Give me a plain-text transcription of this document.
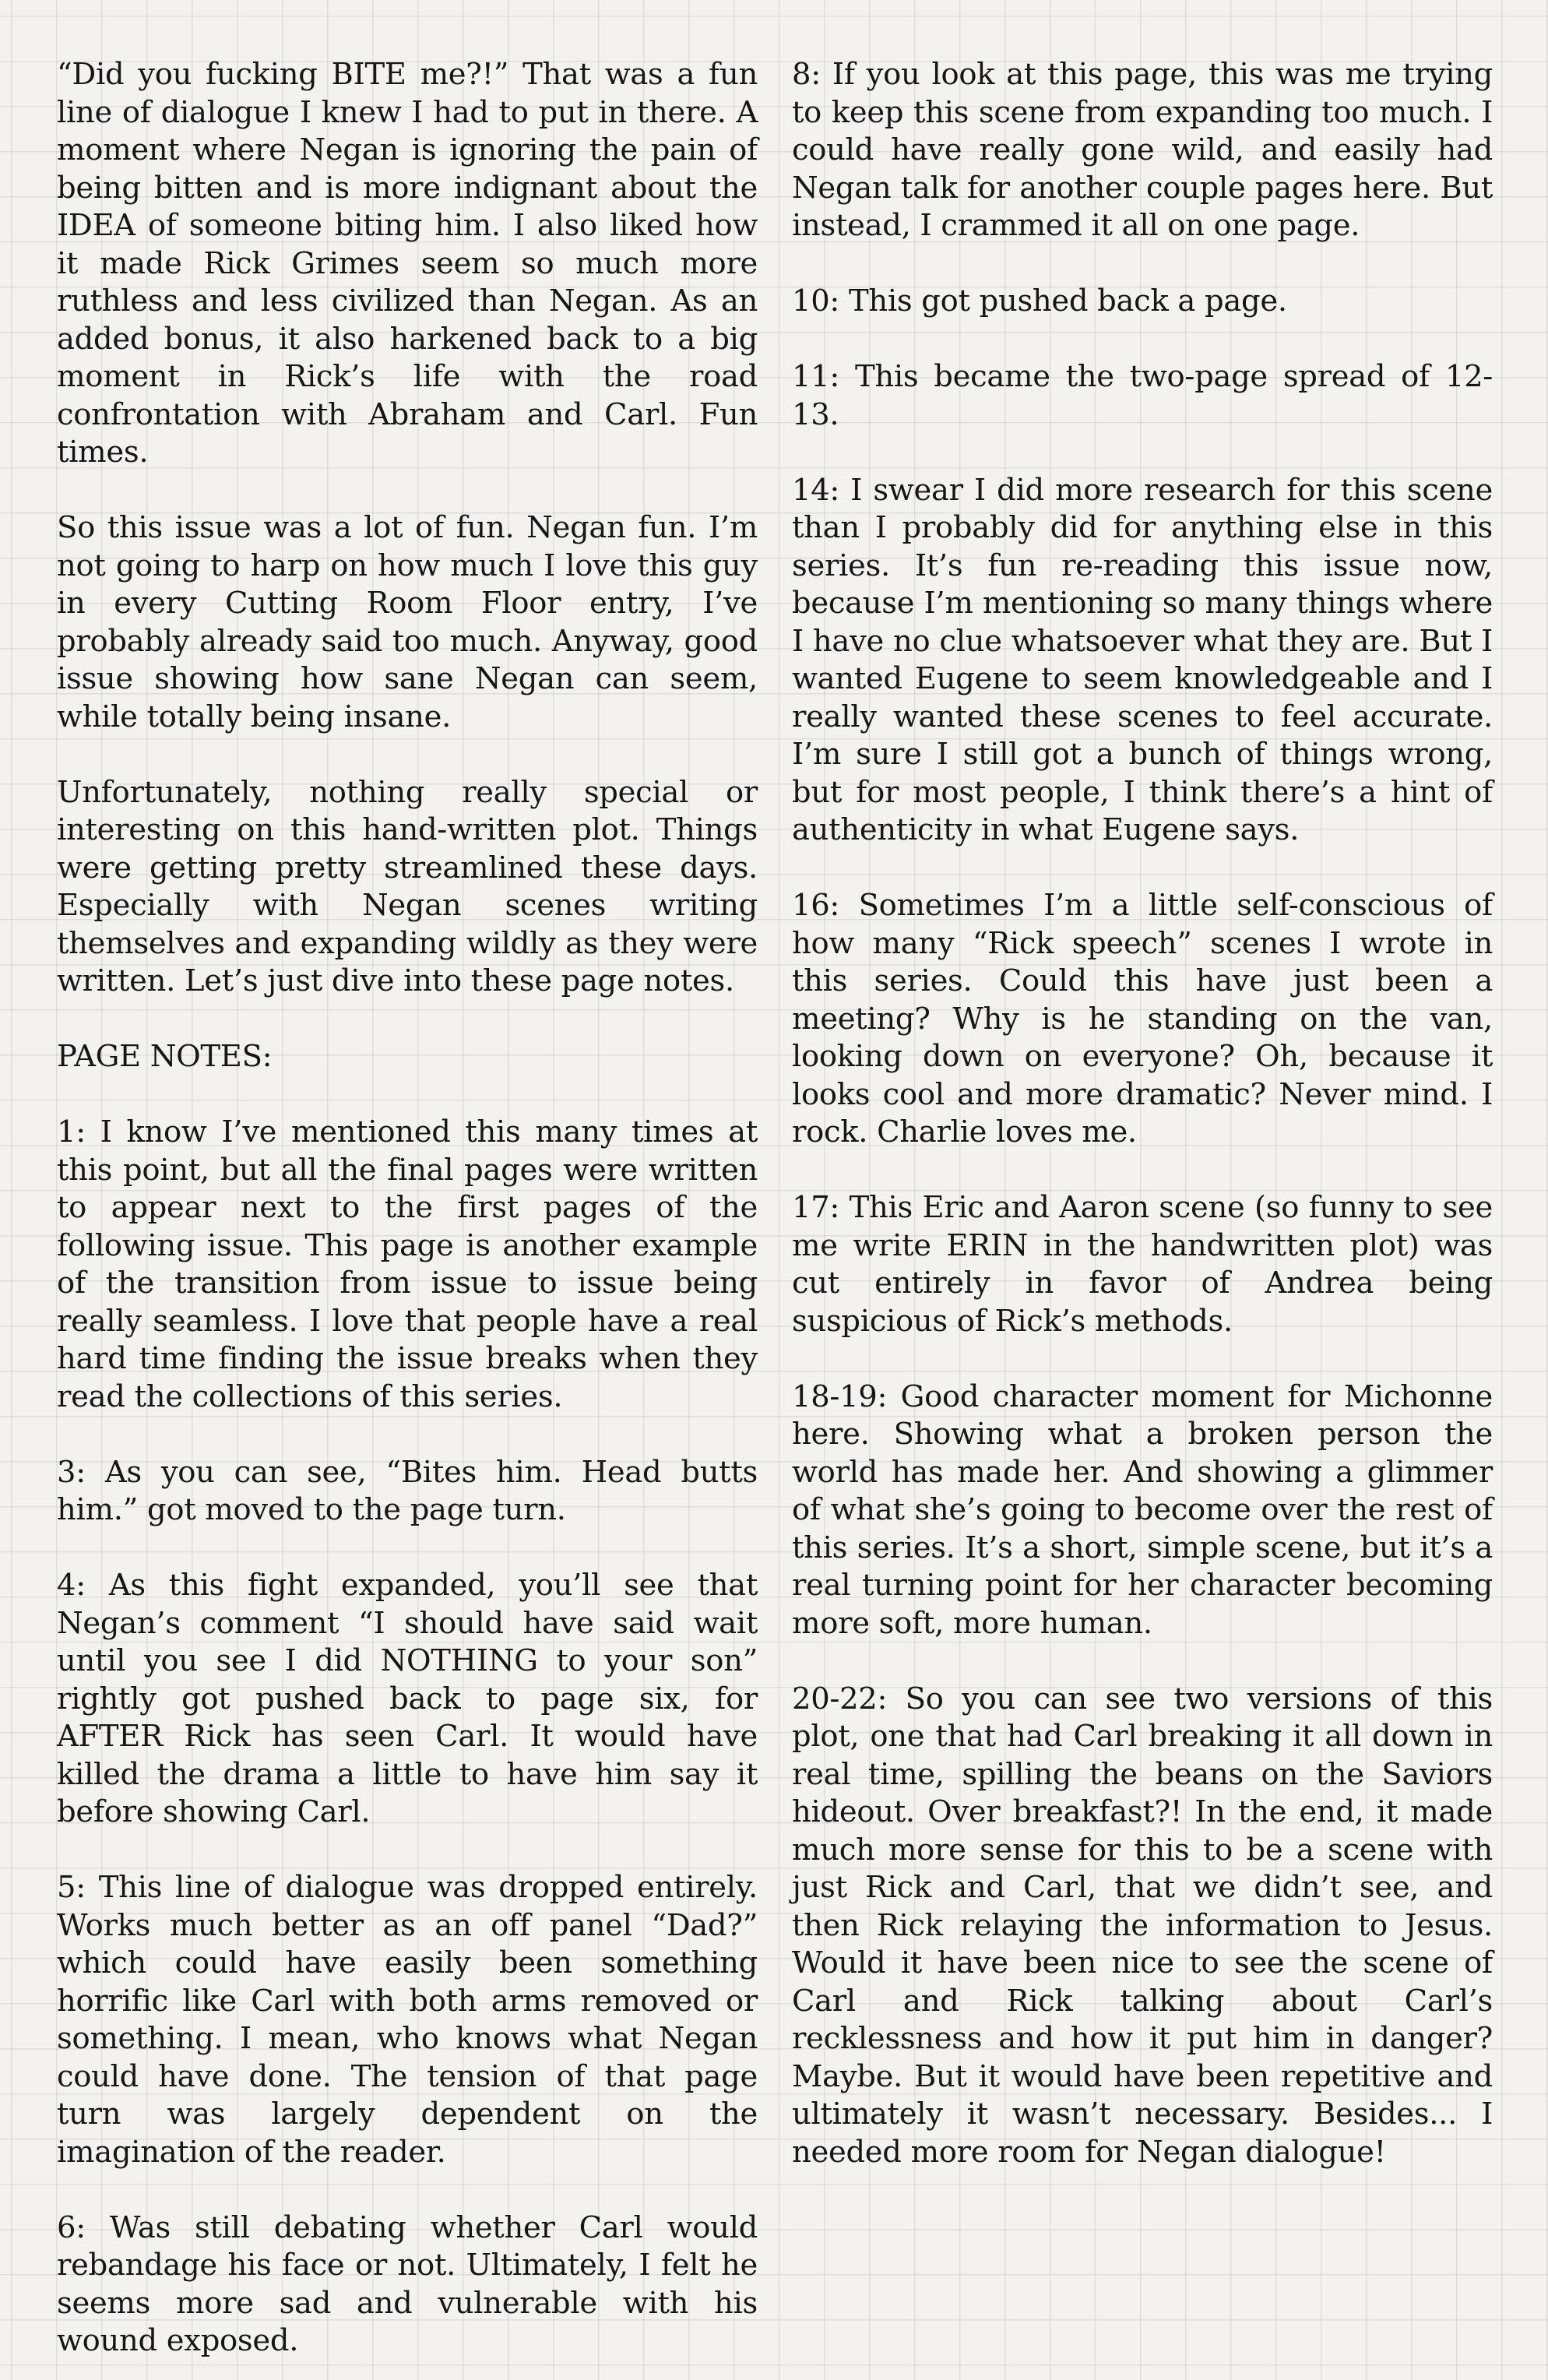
“Did you fucking BITE me?!” That was a fun line of dialogue I knew I had to put in there. A moment where Negan is ignoring the pain of being bitten and is more indignant about the IDEA of someone biting him. I also liked how it made Rick Grimes seem so much more ruthless and less civilized than Negan. As an added bonus, it also harkened back to a big moment in Rick’s life with the road confrontation with Abraham and Carl. Fun times.

So this issue was a lot of fun. Negan fun. I’m not going to harp on how much I love this guy in every Cutting Room Floor entry, I’ve probably already said too much. Anyway, good issue showing how sane Negan can seem, while totally being insane.

Unfortunately, nothing really special or interesting on this hand-written plot. Things were getting pretty streamlined these days. Especially with Negan scenes writing themselves and expanding wildly as they were written. Let’s just dive into these page notes.

PAGE NOTES:

1: I know I’ve mentioned this many times at this point, but all the final pages were written to appear next to the first pages of the following issue. This page is another example of the transition from issue to issue being really seamless. I love that people have a real hard time finding the issue breaks when they read the collections of this series.

3: As you can see, “Bites him. Head butts him.” got moved to the page turn.

4: As this fight expanded, you’ll see that Negan’s comment “I should have said wait until you see I did NOTHING to your son” rightly got pushed back to page six, for AFTER Rick has seen Carl. It would have killed the drama a little to have him say it before showing Carl.

5: This line of dialogue was dropped entirely. Works much better as an off panel “Dad?” which could have easily been something horrific like Carl with both arms removed or something. I mean, who knows what Negan could have done. The tension of that page turn was largely dependent on the imagination of the reader.

6: Was still debating whether Carl would rebandage his face or not. Ultimately, I felt he seems more sad and vulnerable with his wound exposed.

8: If you look at this page, this was me trying to keep this scene from expanding too much. I could have really gone wild, and easily had Negan talk for another couple pages here. But instead, I crammed it all on one page.

10: This got pushed back a page.

11: This became the two-page spread of 12-13.

14: I swear I did more research for this scene than I probably did for anything else in this series. It’s fun re-reading this issue now, because I’m mentioning so many things where I have no clue whatsoever what they are. But I wanted Eugene to seem knowledgeable and I really wanted these scenes to feel accurate. I’m sure I still got a bunch of things wrong, but for most people, I think there’s a hint of authenticity in what Eugene says.

16: Sometimes I’m a little self-conscious of how many “Rick speech” scenes I wrote in this series. Could this have just been a meeting? Why is he standing on the van, looking down on everyone? Oh, because it looks cool and more dramatic? Never mind. I rock. Charlie loves me.

17: This Eric and Aaron scene (so funny to see me write ERIN in the handwritten plot) was cut entirely in favor of Andrea being suspicious of Rick’s methods.

18-19: Good character moment for Michonne here. Showing what a broken person the world has made her. And showing a glimmer of what she’s going to become over the rest of this series. It’s a short, simple scene, but it’s a real turning point for her character becoming more soft, more human.

20-22: So you can see two versions of this plot, one that had Carl breaking it all down in real time, spilling the beans on the Saviors hideout. Over breakfast?! In the end, it made much more sense for this to be a scene with just Rick and Carl, that we didn’t see, and then Rick relaying the information to Jesus. Would it have been nice to see the scene of Carl and Rick talking about Carl’s recklessness and how it put him in danger? Maybe. But it would have been repetitive and ultimately it wasn’t necessary. Besides... I needed more room for Negan dialogue!
